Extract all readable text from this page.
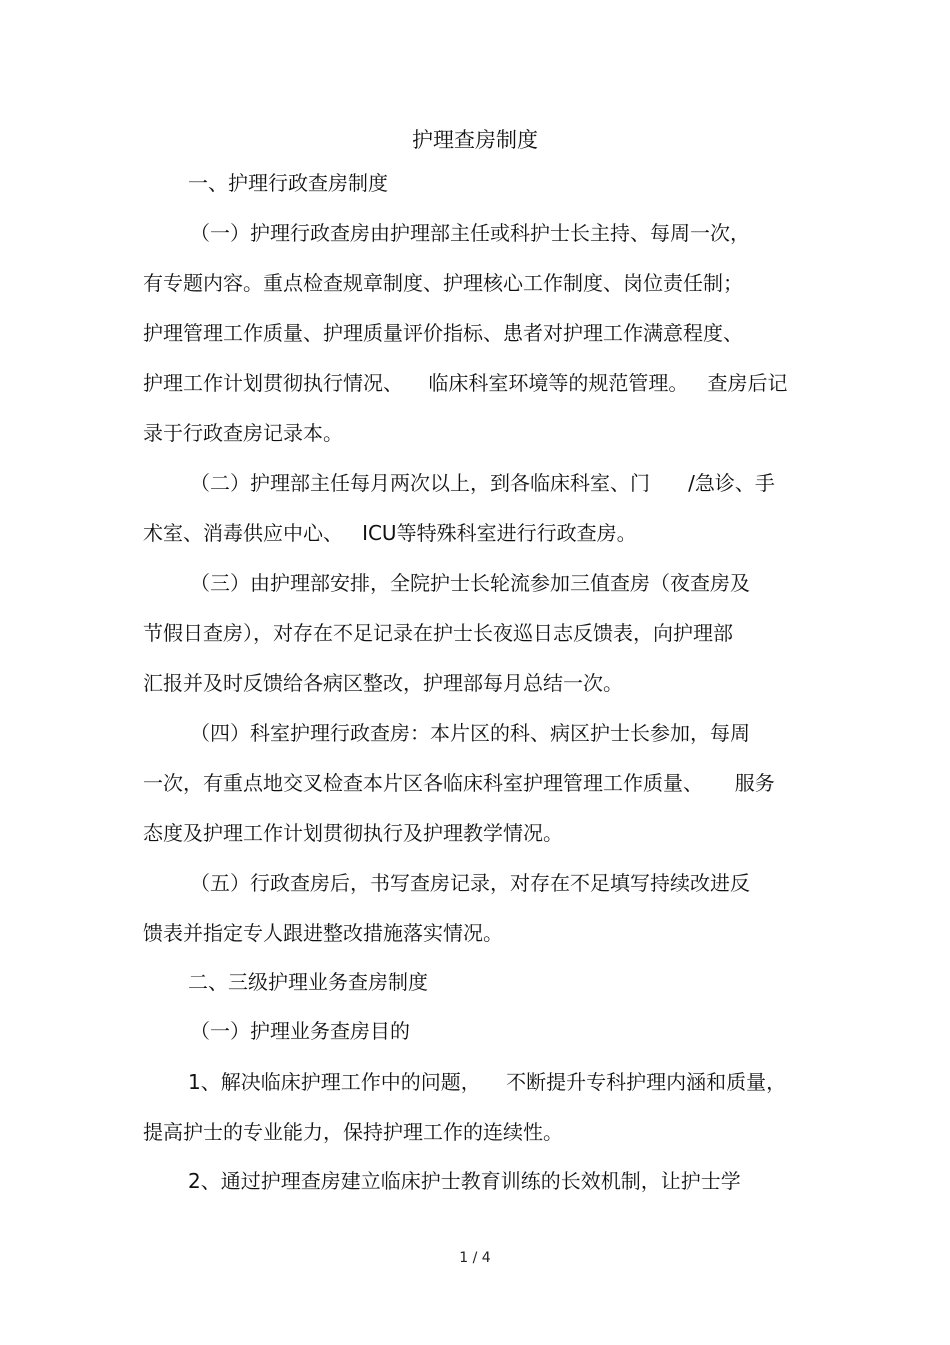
护理查房制度
一、护理行政查房制度
（一）护理行政查房由护理部主任或科护士长主持、每周一次，
有专题内容。重点检查规章制度、护理核心工作制度、岗位责任制；
护理管理工作质量、护理质量评价指标、患者对护理工作满意程度、
护理工作计划贯彻执行情况、    临床科室环境等的规范管理。   查房后记
录于行政查房记录本。
（二）护理部主任每月两次以上，到各临床科室、门      /急诊、手
术室、消毒供应中心、   ICU等特殊科室进行行政查房。
（三）由护理部安排，全院护士长轮流参加三值查房（夜查房及
节假日查房），对存在不足记录在护士长夜巡日志反馈表，向护理部
汇报并及时反馈给各病区整改，护理部每月总结一次。
（四）科室护理行政查房：本片区的科、病区护士长参加，每周
一次，有重点地交叉检查本片区各临床科室护理管理工作质量、     服务
态度及护理工作计划贯彻执行及护理教学情况。
（五）行政查房后，书写查房记录，对存在不足填写持续改进反
馈表并指定专人跟进整改措施落实情况。
二、三级护理业务查房制度
（一）护理业务查房目的
1、解决临床护理工作中的问题，    不断提升专科护理内涵和质量，
提高护士的专业能力，保持护理工作的连续性。
2、通过护理查房建立临床护士教育训练的长效机制，让护士学
1 / 4
